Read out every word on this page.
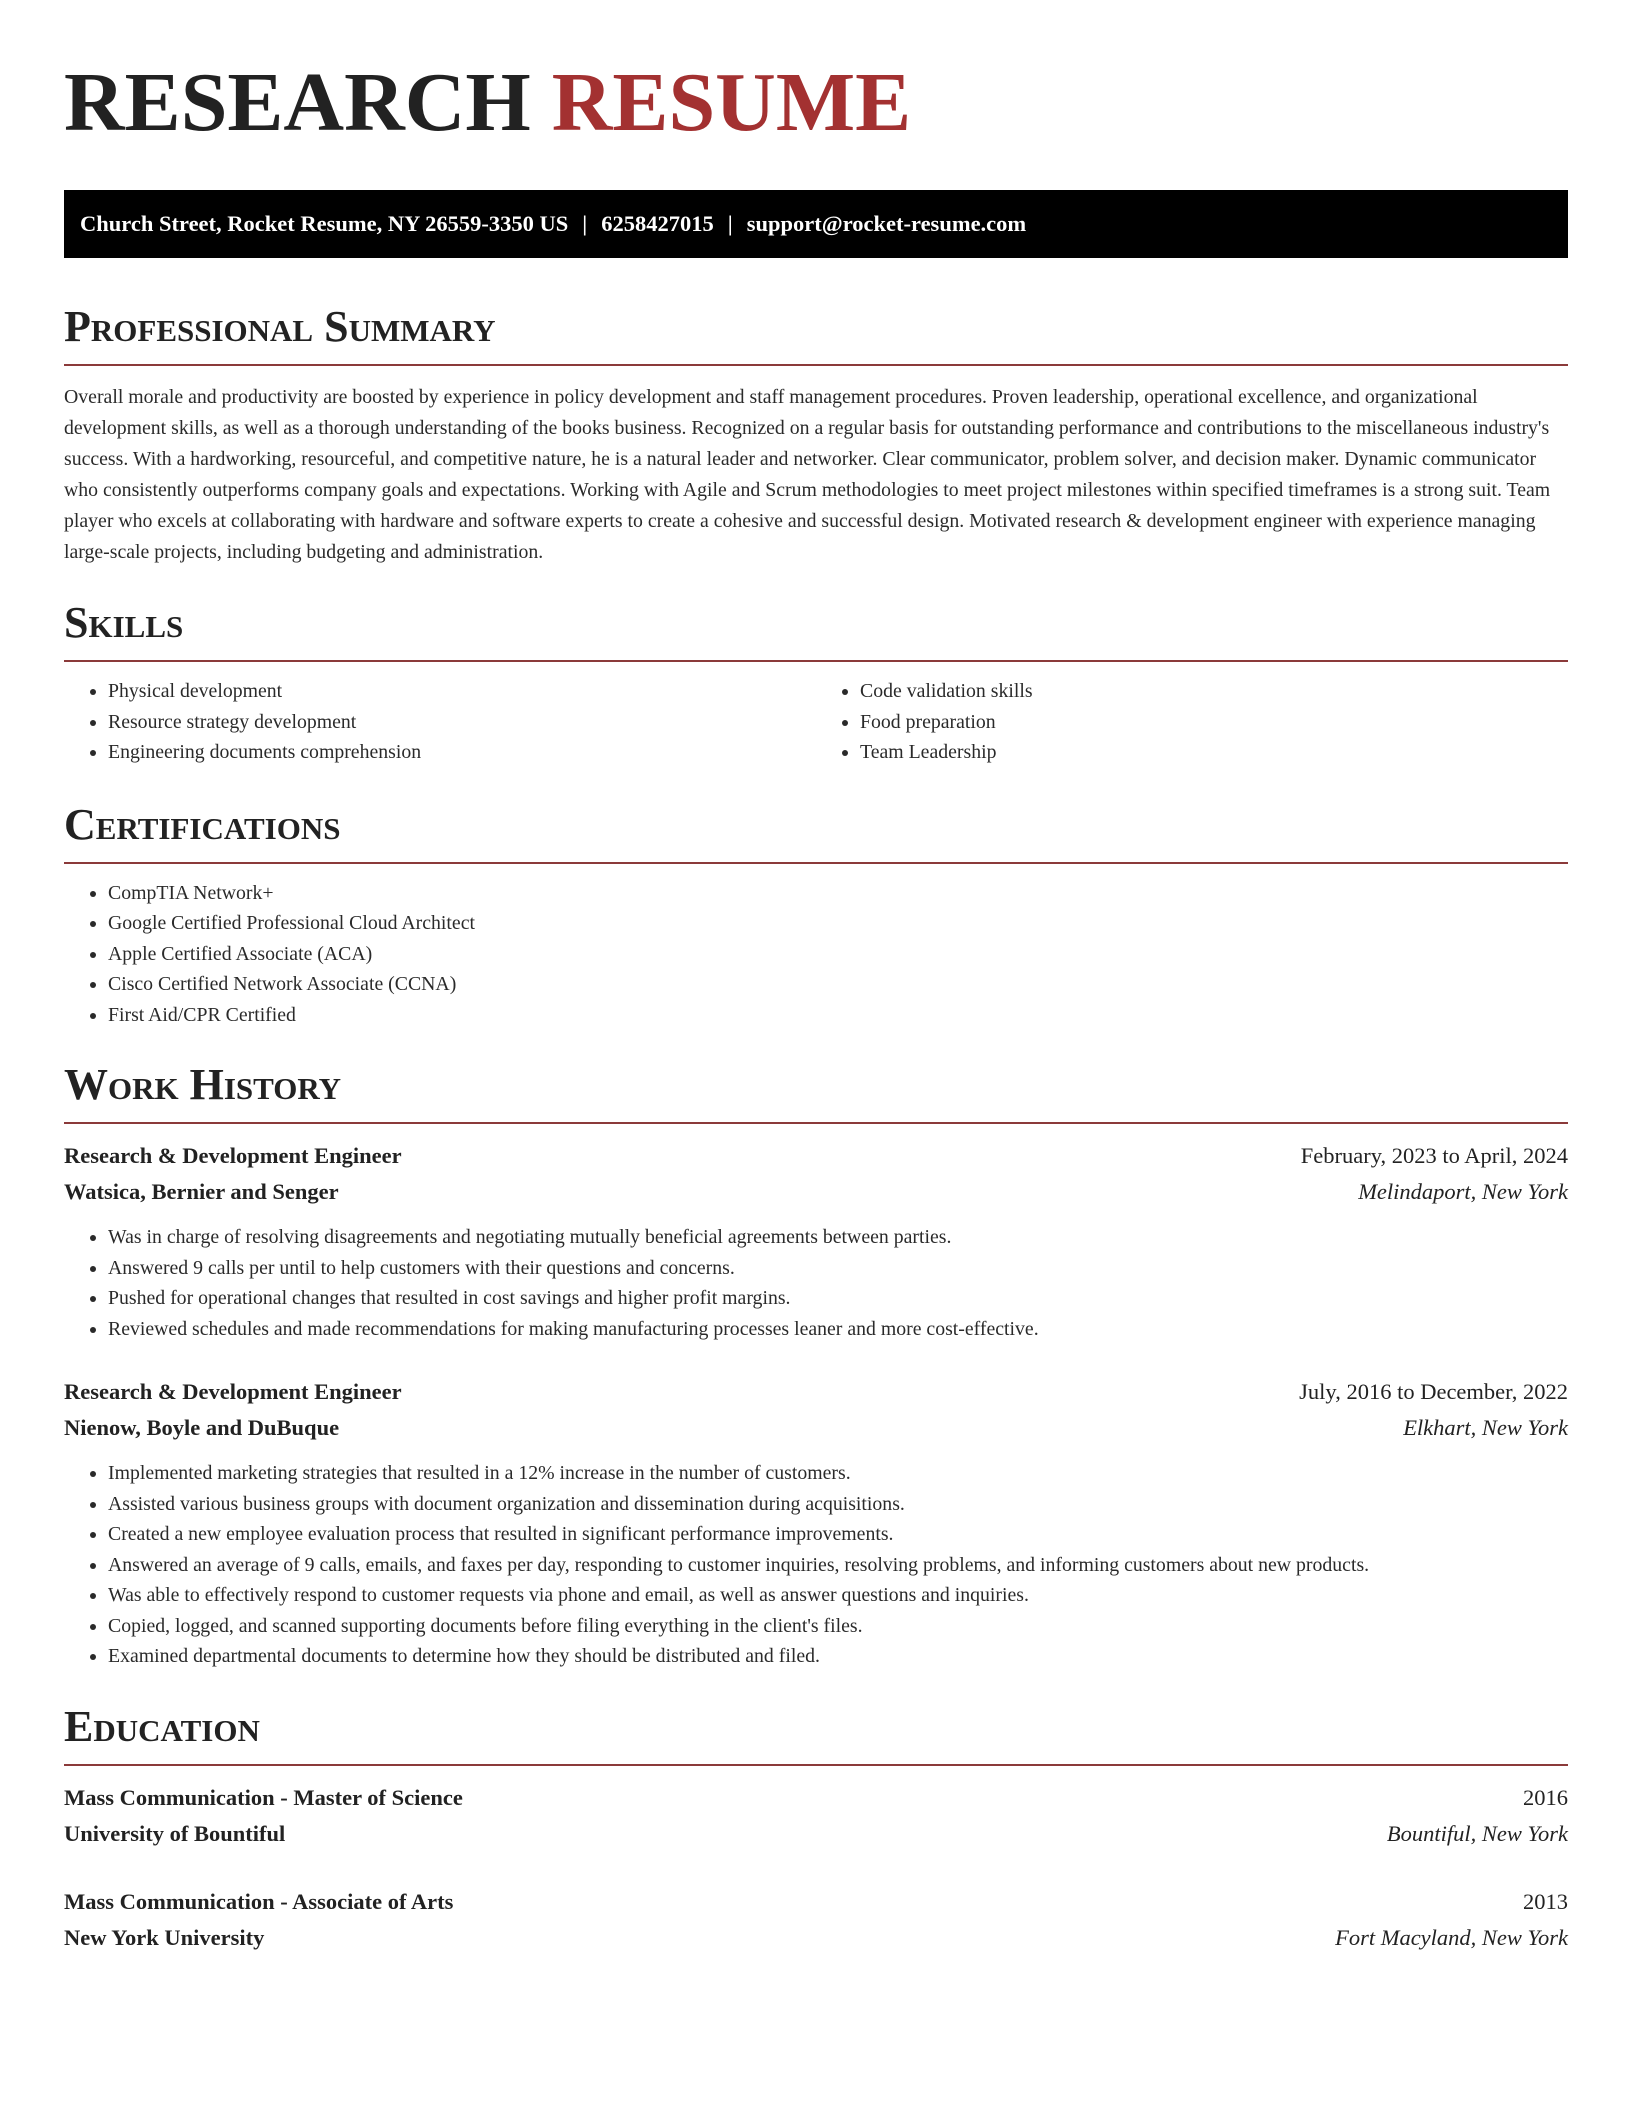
RESEARCH RESUME
Church Street, Rocket Resume, NY 26559-3350 US | 6258427015 | support@rocket-resume.com
Professional Summary

Overall morale and productivity are boosted by experience in policy development and staff management procedures. Proven leadership, operational excellence, and organizational development skills, as well as a thorough understanding of the books business. Recognized on a regular basis for outstanding performance and contributions to the miscellaneous industry's success. With a hardworking, resourceful, and competitive nature, he is a natural leader and networker. Clear communicator, problem solver, and decision maker. Dynamic communicator who consistently outperforms company goals and expectations. Working with Agile and Scrum methodologies to meet project milestones within specified timeframes is a strong suit. Team player who excels at collaborating with hardware and software experts to create a cohesive and successful design. Motivated research & development engineer with experience managing large-scale projects, including budgeting and administration.

Skills
• Physical development
• Resource strategy development
• Engineering documents comprehension
• Code validation skills
• Food preparation
• Team Leadership
Certifications
• CompTIA Network+
• Google Certified Professional Cloud Architect
• Apple Certified Associate (ACA)
• Cisco Certified Network Associate (CCNA)
• First Aid/CPR Certified
Work History
Research & Development Engineer	February, 2023 to April, 2024
Watsica, Bernier and Senger	Melindaport, New York
• Was in charge of resolving disagreements and negotiating mutually beneficial agreements between parties.
• Answered 9 calls per until to help customers with their questions and concerns.
• Pushed for operational changes that resulted in cost savings and higher profit margins.
• Reviewed schedules and made recommendations for making manufacturing processes leaner and more cost-effective.
Research & Development Engineer	July, 2016 to December, 2022
Nienow, Boyle and DuBuque	Elkhart, New York
• Implemented marketing strategies that resulted in a 12% increase in the number of customers.
• Assisted various business groups with document organization and dissemination during acquisitions.
• Created a new employee evaluation process that resulted in significant performance improvements.
• Answered an average of 9 calls, emails, and faxes per day, responding to customer inquiries, resolving problems, and informing customers about new products.
• Was able to effectively respond to customer requests via phone and email, as well as answer questions and inquiries.
• Copied, logged, and scanned supporting documents before filing everything in the client's files.
• Examined departmental documents to determine how they should be distributed and filed.
Education
Mass Communication - Master of Science	2016
University of Bountiful	Bountiful, New York
Mass Communication - Associate of Arts	2013
New York University	Fort Macyland, New York
